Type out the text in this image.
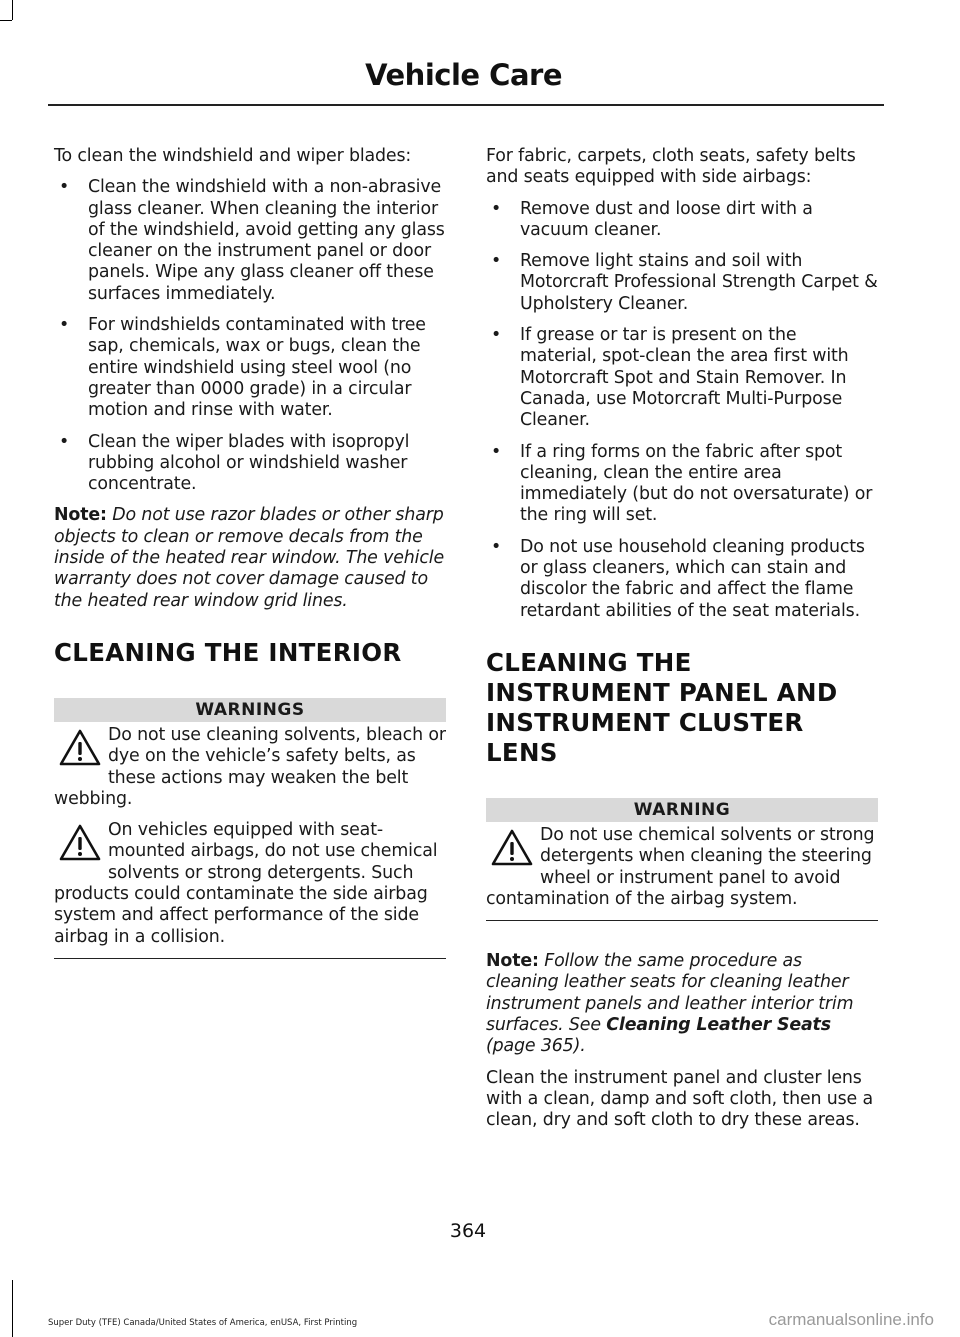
Vehicle Care

To clean the windshield and wiper blades:

• Clean the windshield with a non-abrasive glass cleaner. When cleaning the interior of the windshield, avoid getting any glass cleaner on the instrument panel or door panels. Wipe any glass cleaner off these surfaces immediately.
• For windshields contaminated with tree sap, chemicals, wax or bugs, clean the entire windshield using steel wool (no greater than 0000 grade) in a circular motion and rinse with water.
• Clean the wiper blades with isopropyl rubbing alcohol or windshield washer concentrate.

Note: Do not use razor blades or other sharp objects to clean or remove decals from the inside of the heated rear window. The vehicle warranty does not cover damage caused to the heated rear window grid lines.

CLEANING THE INTERIOR
WARNINGS
Do not use cleaning solvents, bleach or dye on the vehicle’s safety belts, as these actions may weaken the belt webbing.
On vehicles equipped with seat-mounted airbags, do not use chemical solvents or strong detergents. Such products could contaminate the side airbag system and affect performance of the side airbag in a collision.

For fabric, carpets, cloth seats, safety belts and seats equipped with side airbags:

• Remove dust and loose dirt with a vacuum cleaner.
• Remove light stains and soil with Motorcraft Professional Strength Carpet & Upholstery Cleaner.
• If grease or tar is present on the material, spot-clean the area first with Motorcraft Spot and Stain Remover. In Canada, use Motorcraft Multi-Purpose Cleaner.
• If a ring forms on the fabric after spot cleaning, clean the entire area immediately (but do not oversaturate) or the ring will set.
• Do not use household cleaning products or glass cleaners, which can stain and discolor the fabric and affect the flame retardant abilities of the seat materials.
CLEANING THE INSTRUMENT PANEL AND INSTRUMENT CLUSTER LENS
WARNING
Do not use chemical solvents or strong detergents when cleaning the steering wheel or instrument panel to avoid contamination of the airbag system.

Note: Follow the same procedure as cleaning leather seats for cleaning leather instrument panels and leather interior trim surfaces. See Cleaning Leather Seats (page 365).

Clean the instrument panel and cluster lens with a clean, damp and soft cloth, then use a clean, dry and soft cloth to dry these areas.

364
Super Duty (TFE) Canada/United States of America, enUSA, First Printing	carmanualsonline.info
